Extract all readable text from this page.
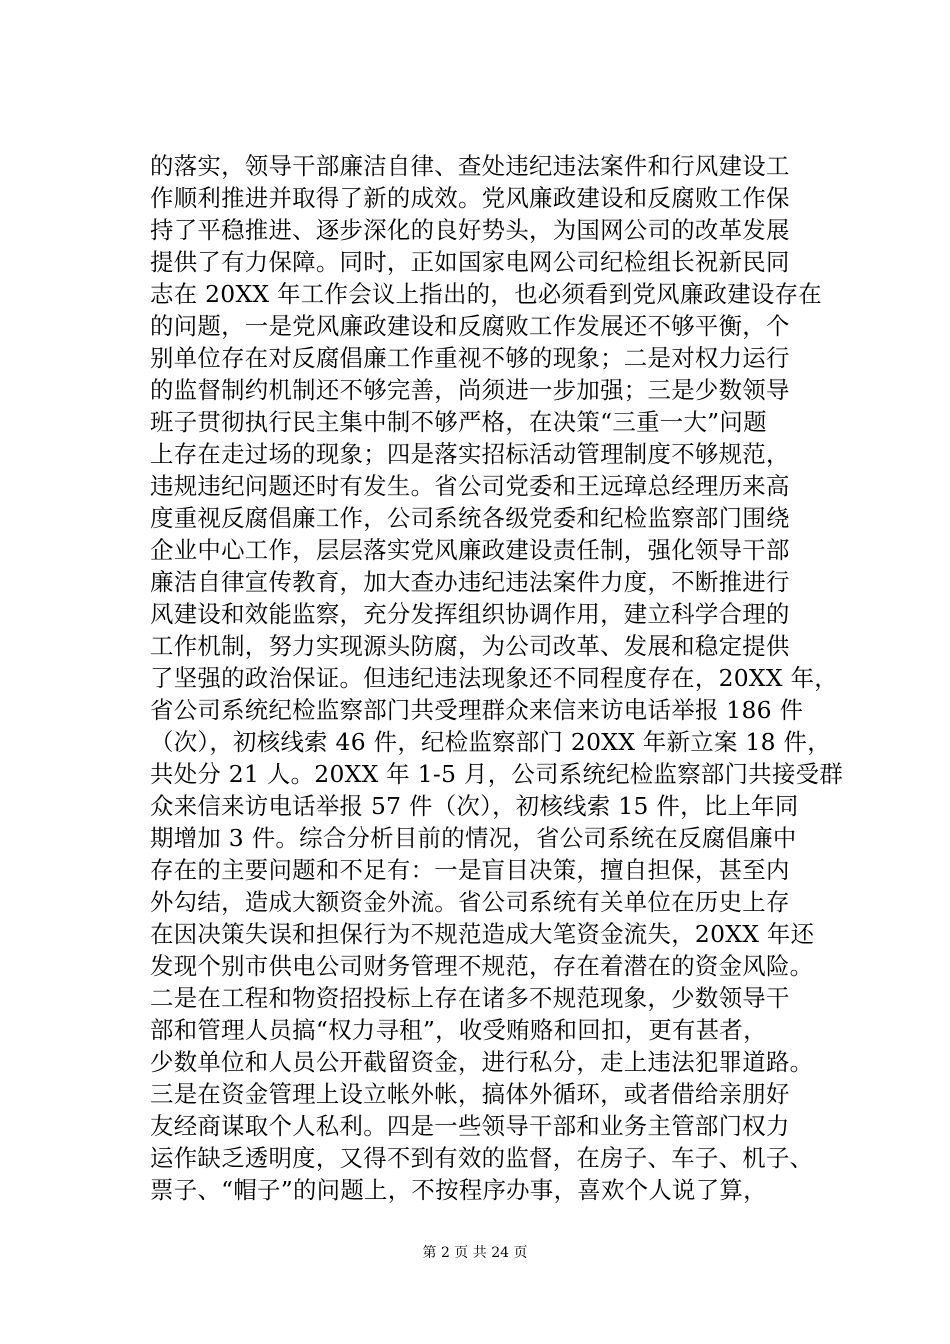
的落实，领导干部廉洁自律、查处违纪违法案件和行风建设工
作顺利推进并取得了新的成效。党风廉政建设和反腐败工作保
持了平稳推进、逐步深化的良好势头，为国网公司的改革发展
提供了有力保障。同时，正如国家电网公司纪检组长祝新民同
志在 20XX 年工作会议上指出的，也必须看到党风廉政建设存在
的问题，一是党风廉政建设和反腐败工作发展还不够平衡，个
别单位存在对反腐倡廉工作重视不够的现象；二是对权力运行
的监督制约机制还不够完善，尚须进一步加强；三是少数领导
班子贯彻执行民主集中制不够严格，在决策“三重一大”问题
上存在走过场的现象；四是落实招标活动管理制度不够规范，
违规违纪问题还时有发生。省公司党委和王远璋总经理历来高
度重视反腐倡廉工作，公司系统各级党委和纪检监察部门围绕
企业中心工作，层层落实党风廉政建设责任制，强化领导干部
廉洁自律宣传教育，加大查办违纪违法案件力度，不断推进行
风建设和效能监察，充分发挥组织协调作用，建立科学合理的
工作机制，努力实现源头防腐，为公司改革、发展和稳定提供
了坚强的政治保证。但违纪违法现象还不同程度存在，20XX 年，
省公司系统纪检监察部门共受理群众来信来访电话举报 186 件
（次），初核线索 46 件，纪检监察部门 20XX 年新立案 18 件，
共处分 21 人。20XX 年 1-5 月，公司系统纪检监察部门共接受群
众来信来访电话举报 57 件（次），初核线索 15 件，比上年同
期增加 3 件。综合分析目前的情况，省公司系统在反腐倡廉中
存在的主要问题和不足有：一是盲目决策，擅自担保，甚至内
外勾结，造成大额资金外流。省公司系统有关单位在历史上存
在因决策失误和担保行为不规范造成大笔资金流失，20XX 年还
发现个别市供电公司财务管理不规范，存在着潜在的资金风险。
二是在工程和物资招投标上存在诸多不规范现象，少数领导干
部和管理人员搞“权力寻租”，收受贿赂和回扣，更有甚者，
少数单位和人员公开截留资金，进行私分，走上违法犯罪道路。
三是在资金管理上设立帐外帐，搞体外循环，或者借给亲朋好
友经商谋取个人私利。四是一些领导干部和业务主管部门权力
运作缺乏透明度，又得不到有效的监督，在房子、车子、机子、
票子、“帽子”的问题上，不按程序办事，喜欢个人说了算，
第 2 页 共 24 页
